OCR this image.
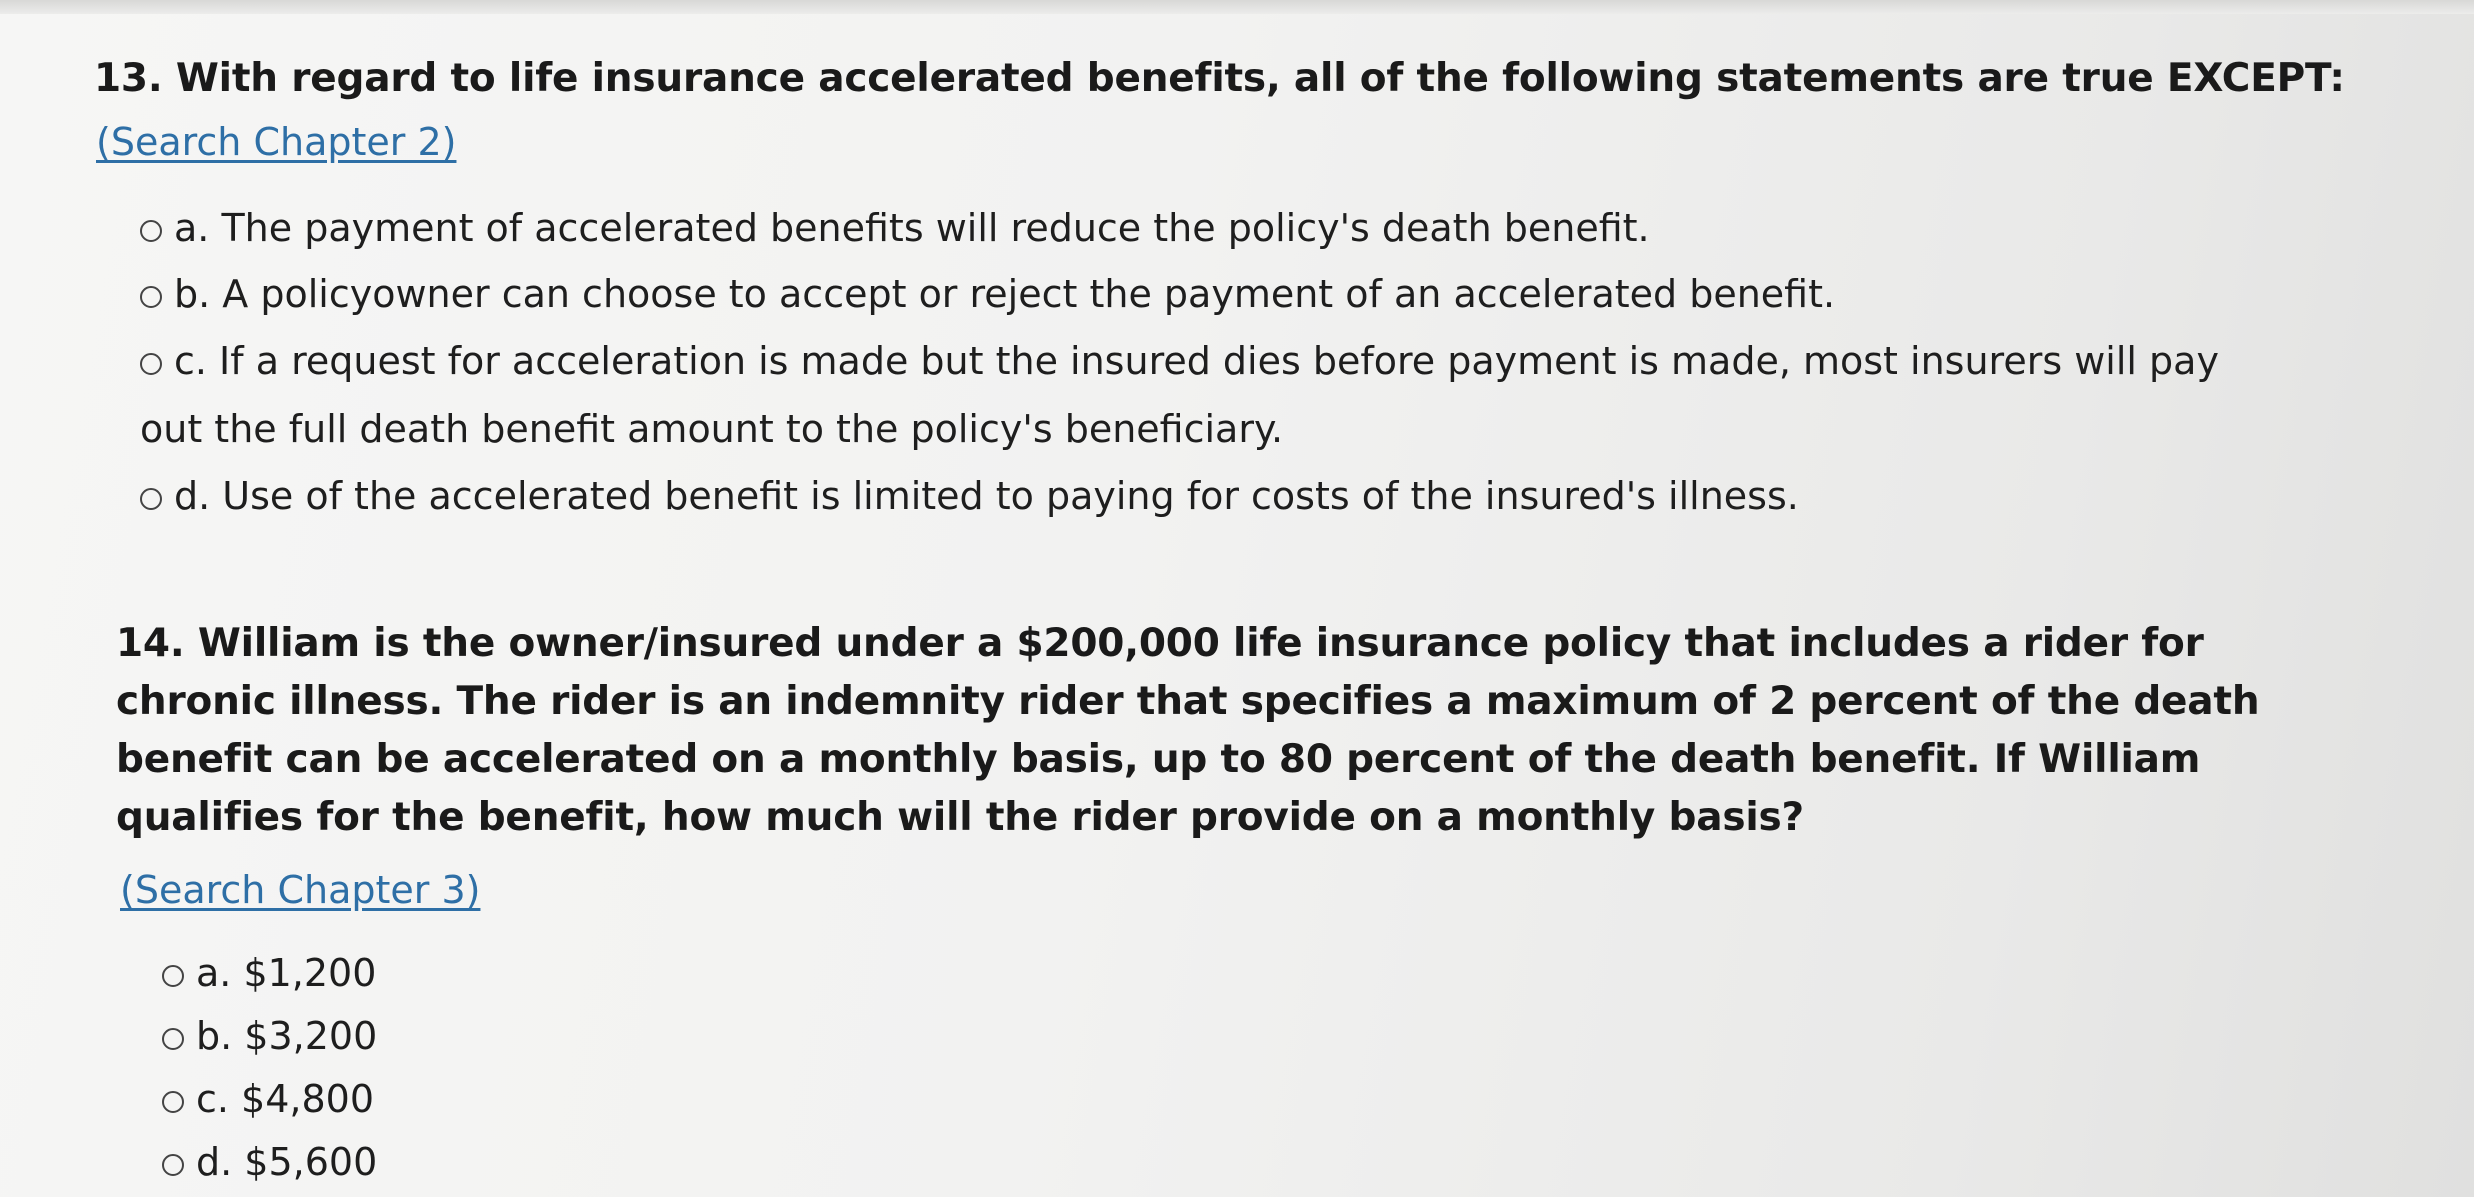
13. With regard to life insurance accelerated benefits, all of the following statements are true EXCEPT:
(Search Chapter 2)
a. The payment of accelerated benefits will reduce the policy's death benefit.
b. A policyowner can choose to accept or reject the payment of an accelerated benefit.
c. If a request for acceleration is made but the insured dies before payment is made, most insurers will pay out the full death benefit amount to the policy's beneficiary.
d. Use of the accelerated benefit is limited to paying for costs of the insured's illness.
14. William is the owner/insured under a $200,000 life insurance policy that includes a rider for chronic illness. The rider is an indemnity rider that specifies a maximum of 2 percent of the death benefit can be accelerated on a monthly basis, up to 80 percent of the death benefit. If William qualifies for the benefit, how much will the rider provide on a monthly basis?
(Search Chapter 3)
a. $1,200
b. $3,200
c. $4,800
d. $5,600
